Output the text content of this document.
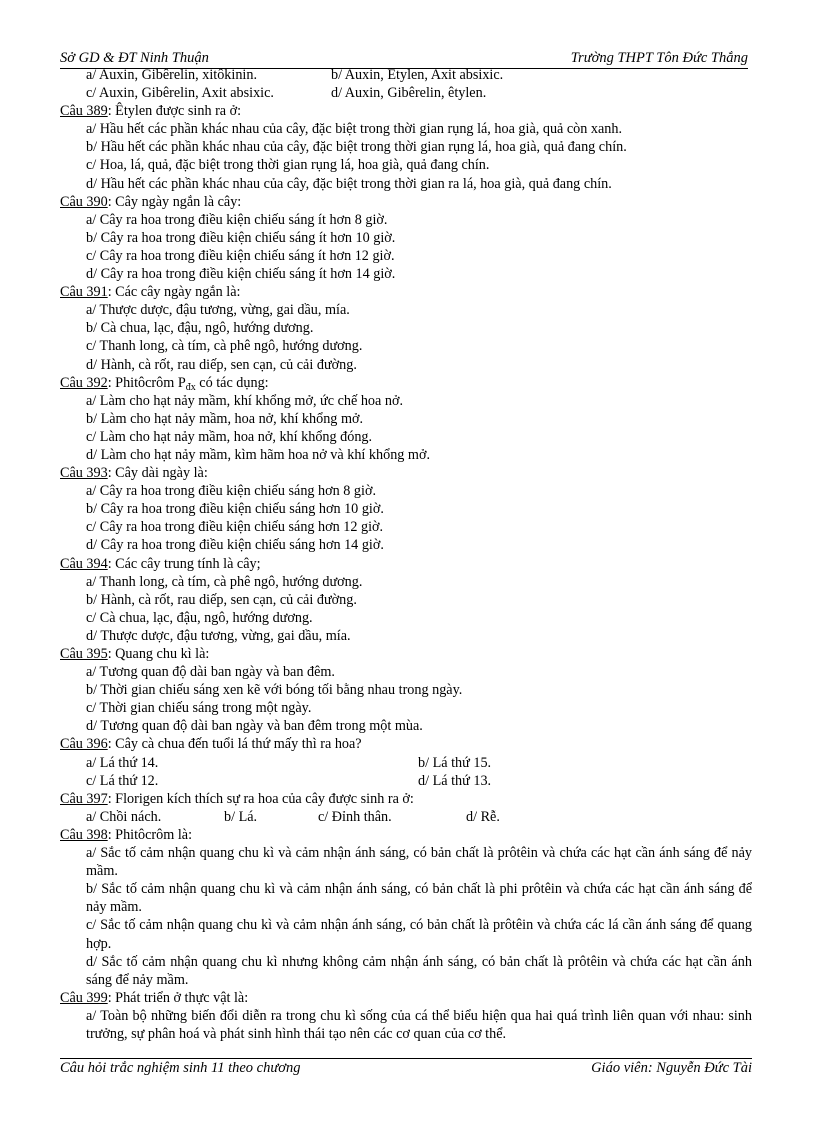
Sở GD & ĐT Ninh Thuận	Trường THPT Tôn Đức Thắng
a/ Auxin, Gibêrelin, xitôkinin.	b/ Auxin, Etylen, Axit absixic.
c/ Auxin, Gibêrelin, Axit absixic.	d/ Auxin, Gibêrelin, êtylen.
Câu 389: Êtylen được sinh ra ở:
a/ Hầu hết các phần khác nhau của cây, đặc biệt trong thời gian rụng lá, hoa già, quả còn xanh.
b/ Hầu hết các phần khác nhau của cây, đặc biệt trong thời gian rụng lá, hoa già, quả đang chín.
c/ Hoa, lá, quả, đặc biệt trong thời gian rụng lá, hoa già, quả đang chín.
d/ Hầu hết các phần khác nhau của cây, đặc biệt trong thời gian ra lá, hoa già, quả đang chín.
Câu 390: Cây ngày ngắn là cây:
a/ Cây ra hoa trong điều kiện chiếu sáng ít hơn 8 giờ.
b/ Cây ra hoa trong điều kiện chiếu sáng ít hơn 10 giờ.
c/ Cây ra hoa trong điều kiện chiếu sáng ít hơn 12 giờ.
d/ Cây ra hoa trong điều kiện chiếu sáng ít hơn 14 giờ.
Câu 391: Các cây ngày ngắn là:
a/ Thược dược, đậu tương, vừng, gai dầu, mía.
b/ Cà chua, lạc, đậu, ngô, hướng dương.
c/ Thanh long, cà tím, cà phê ngô, hướng dương.
d/ Hành, cà rốt, rau diếp, sen cạn, củ cải đường.
Câu 392: Phitôcrôm $P_{đx}$ có tác dụng:
a/ Làm cho hạt nảy mầm, khí khổng mở, ức chế hoa nở.
b/ Làm cho hạt nảy mầm, hoa nở, khí khổng mở.
c/ Làm cho hạt nảy mầm, hoa nở, khí khổng đóng.
d/ Làm cho hạt nảy mầm, kìm hãm hoa nở và khí khổng mở.
Câu 393: Cây dài ngày là:
a/ Cây ra hoa trong điều kiện chiếu sáng hơn 8 giờ.
b/ Cây ra hoa trong điều kiện chiếu sáng hơn 10 giờ.
c/ Cây ra hoa trong điều kiện chiếu sáng hơn 12 giờ.
d/ Cây ra hoa trong điều kiện chiếu sáng hơn 14 giờ.
Câu 394: Các cây trung tính là cây;
a/ Thanh long, cà tím, cà phê ngô, hướng dương.
b/ Hành, cà rốt, rau diếp, sen cạn, củ cải đường.
c/ Cà chua, lạc, đậu, ngô, hướng dương.
d/ Thược dược, đậu tương, vừng, gai dầu, mía.
Câu 395: Quang chu kì là:
a/ Tương quan độ dài ban ngày và ban đêm.
b/ Thời gian chiếu sáng xen kẽ với bóng tối bằng nhau trong ngày.
c/ Thời gian chiếu sáng trong một ngày.
d/ Tương quan độ dài ban ngày và ban đêm trong một mùa.
Câu 396: Cây cà chua đến tuổi lá thứ mấy thì ra hoa?
a/ Lá thứ 14.	b/ Lá thứ 15.
c/ Lá thứ 12.	d/ Lá thứ 13.
Câu 397: Florigen kích thích sự ra hoa của cây được sinh ra ở:
a/ Chồi nách.	b/ Lá.	c/ Đỉnh thân.	d/ Rễ.
Câu 398: Phitôcrôm là:

a/ Sắc tố cảm nhận quang chu kì và cảm nhận ánh sáng, có bản chất là prôtêin và chứa các hạt cần ánh sáng để nảy mầm.

b/ Sắc tố cảm nhận quang chu kì và cảm nhận ánh sáng, có bản chất là phi prôtêin và chứa các hạt cần ánh sáng để nảy mầm.

c/ Sắc tố cảm nhận quang chu kì và cảm nhận ánh sáng, có bản chất là prôtêin và chứa các lá cần ánh sáng để quang hợp.

d/ Sắc tố cảm nhận quang chu kì nhưng không cảm nhận ánh sáng, có bản chất là prôtêin và chứa các hạt cần ánh sáng để nảy mầm.

Câu 399: Phát triển ở thực vật là:

a/ Toàn bộ những biến đổi diễn ra trong chu kì sống của cá thể biểu hiện qua hai quá trình liên quan với nhau: sinh trưởng, sự phân hoá và phát sinh hình thái tạo nên các cơ quan của cơ thể.

Câu hỏi trắc nghiệm sinh 11 theo chương	Giáo viên: Nguyễn Đức Tài
